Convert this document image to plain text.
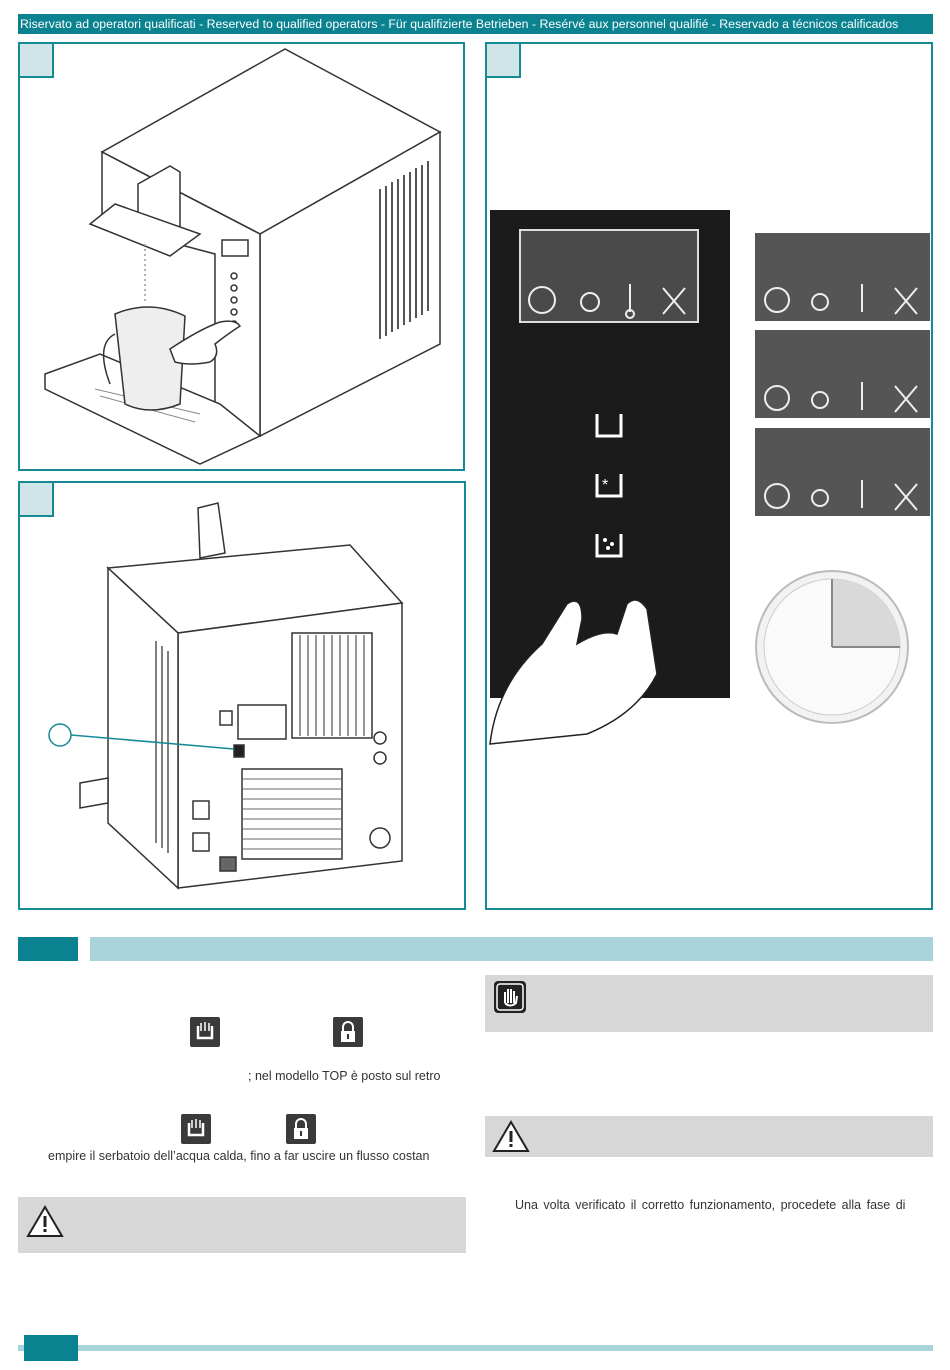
Riservato ad operatori qualificati - Reserved to qualified operators - Für qualifizierte Betrieben - Resérvé aux personnel qualifié - Reservado a técnicos calificados
*
; nel modello TOP è posto sul retro
empire il serbatoio dell’acqua calda, fino a far uscire un flusso costan
Una volta verificato il corretto funzionamento, procedete alla fase di
